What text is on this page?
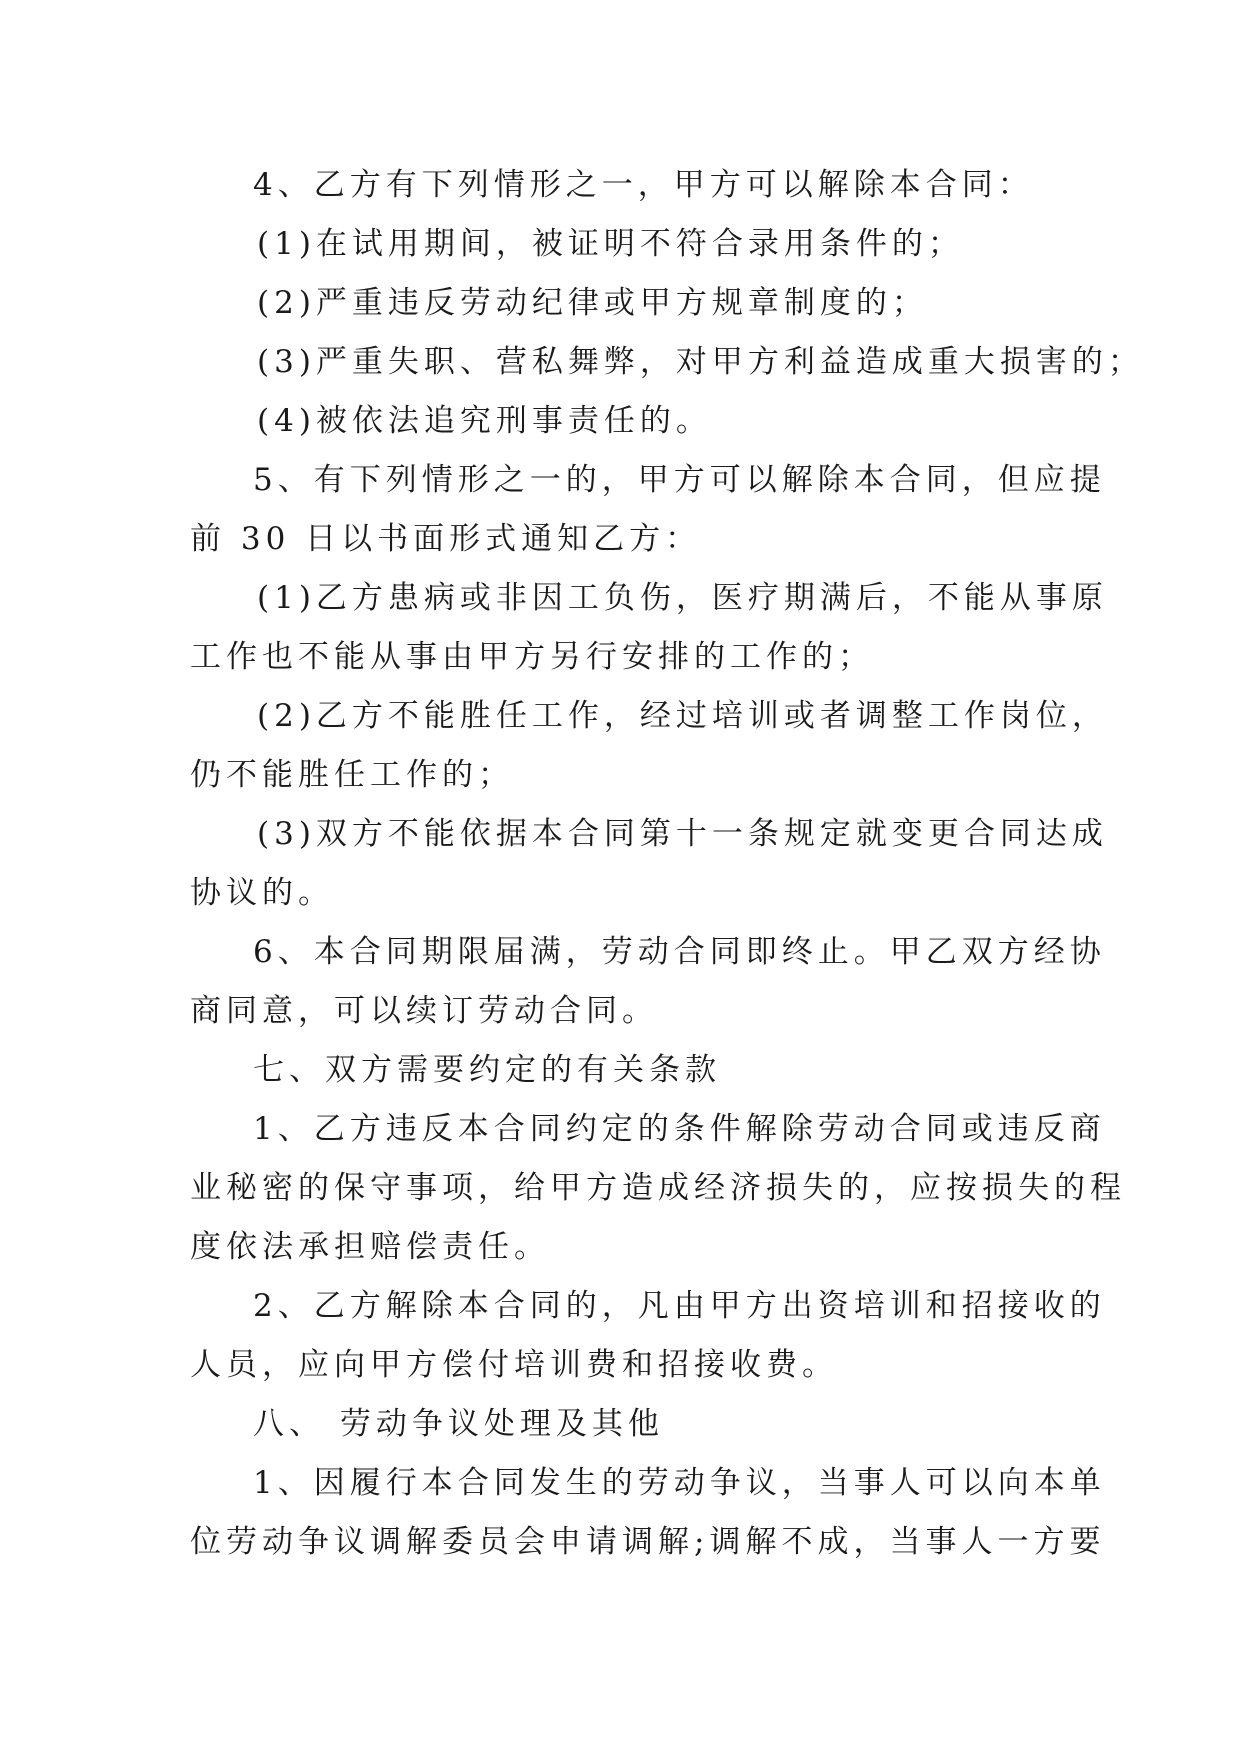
4、乙方有下列情形之一，甲方可以解除本合同：
(1)在试用期间，被证明不符合录用条件的；
(2)严重违反劳动纪律或甲方规章制度的；
(3)严重失职、营私舞弊，对甲方利益造成重大损害的；
(4)被依法追究刑事责任的。
5、有下列情形之一的，甲方可以解除本合同，但应提
前 30 日以书面形式通知乙方：
(1)乙方患病或非因工负伤，医疗期满后，不能从事原
工作也不能从事由甲方另行安排的工作的；
(2)乙方不能胜任工作，经过培训或者调整工作岗位，
仍不能胜任工作的；
(3)双方不能依据本合同第十一条规定就变更合同达成
协议的。
6、本合同期限届满，劳动合同即终止。甲乙双方经协
商同意，可以续订劳动合同。
七、双方需要约定的有关条款
1、乙方违反本合同约定的条件解除劳动合同或违反商
业秘密的保守事项，给甲方造成经济损失的，应按损失的程
度依法承担赔偿责任。
2、乙方解除本合同的，凡由甲方出资培训和招接收的
人员，应向甲方偿付培训费和招接收费。
八、 劳动争议处理及其他
1、因履行本合同发生的劳动争议，当事人可以向本单
位劳动争议调解委员会申请调解;调解不成，当事人一方要
